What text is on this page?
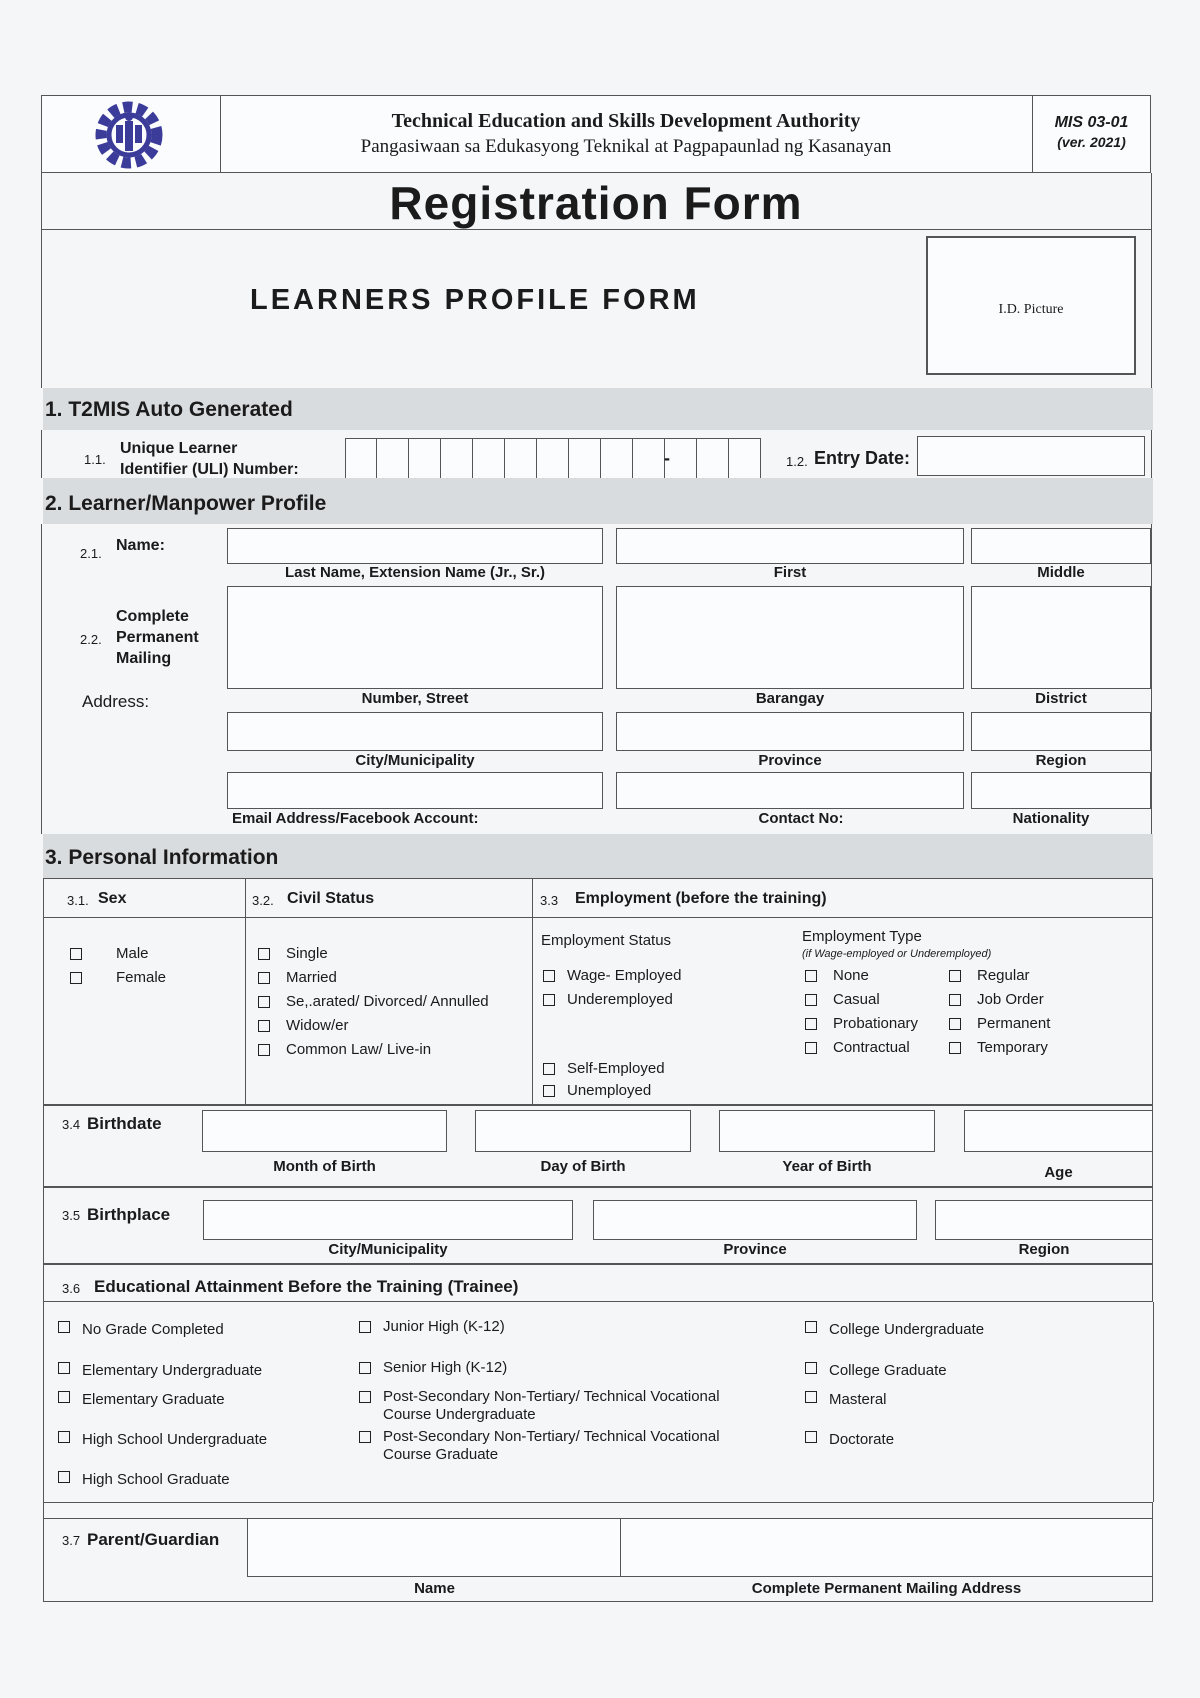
Technical Education and Skills Development Authority
Pangasiwaan sa Edukasyong Teknikal at Pagpapaunlad ng Kasanayan
MIS 03-01
(ver. 2021)
Registration Form
LEARNERS PROFILE FORM	I.D. Picture
1. T2MIS Auto Generated
1.1.
Unique Learner
Identifier (ULI) Number:
-	1.2. Entry Date:
2. Learner/Manpower Profile
2.1. Name:
Last Name, Extension Name (Jr., Sr.)	First	Middle
Complete
2.2. Permanent
Mailing
Address:	Number, Street	Barangay	District
City/Municipality	Province	Region
Email Address/Facebook Account:	Contact No:	Nationality
3. Personal Information
3.1. Sex
Male
Female
3.2. Civil Status
Single
Married
Se,.arated/ Divorced/ Annulled
Widow/er
Common Law/ Live-in
3.3 Employment (before the training)
Employment Status
Wage- Employed
Underemployed
Self-Employed
Unemployed
Employment Type
(if Wage-employed or Underemployed)
None
Casual
Probationary
Contractual
Regular
Job Order
Permanent
Temporary
3.4 Birthdate
Month of Birth	Day of Birth	Year of Birth	Age
3.5 Birthplace
City/Municipality	Province	Region
3.6 Educational Attainment Before the Training (Trainee)
No Grade Completed
Elementary Undergraduate
Elementary Graduate
High School Undergraduate
High School Graduate
Junior High (K-12)
Senior High (K-12)
Post-Secondary Non-Tertiary/ Technical Vocational Course Undergraduate
Post-Secondary Non-Tertiary/ Technical Vocational Course Graduate
College Undergraduate
College Graduate
Masteral
Doctorate
3.7 Parent/Guardian
Name	Complete Permanent Mailing Address
